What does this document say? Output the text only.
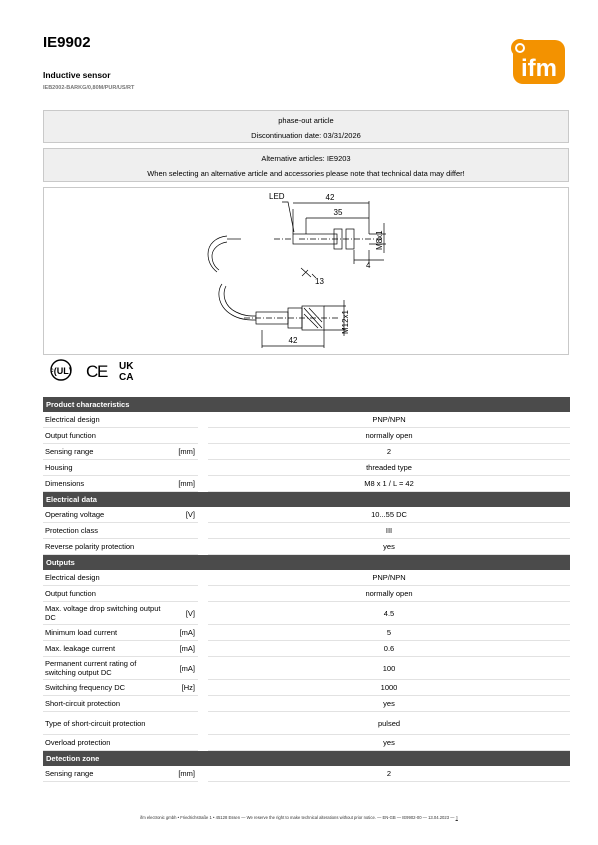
IE9902
Inductive sensor
IEB2002-BARKG/0,80M/PUR/US/RT
ifm
phase-out article
Discontinuation date: 03/31/2026
Alternative articles: IE9203
When selecting an alternative article and accessories please note that technical data may differ!
LED	42
35
M8x1
4
13
M12x1
42
ᶜ(UL) C
E UK
CA
Product characteristics			
Electrical design			PNP/NPN
Output function			normally open
Sensing range	[mm]		2
Housing			threaded type
Dimensions	[mm]		M8 x 1 / L = 42
Electrical data			
Operating voltage	[V]		10...55 DC
Protection class			III
Reverse polarity protection			yes
Outputs			
Electrical design			PNP/NPN
Output function			normally open
Max. voltage drop switching output DC	[V]		4.5
Minimum load current	[mA]		5
Max. leakage current	[mA]		0.6
Permanent current rating of switching output DC	[mA]		100
Switching frequency DC	[Hz]		1000
Short-circuit protection			yes
Type of short-circuit protection			pulsed
Overload protection			yes
Detection zone			
Sensing range	[mm]		2
ifm electronic gmbh • Friedrichstraße 1 • 45128 Essen — We reserve the right to make technical alterations without prior notice. — EN-GB — IE9902-00 — 13.04.2023 — ▯
